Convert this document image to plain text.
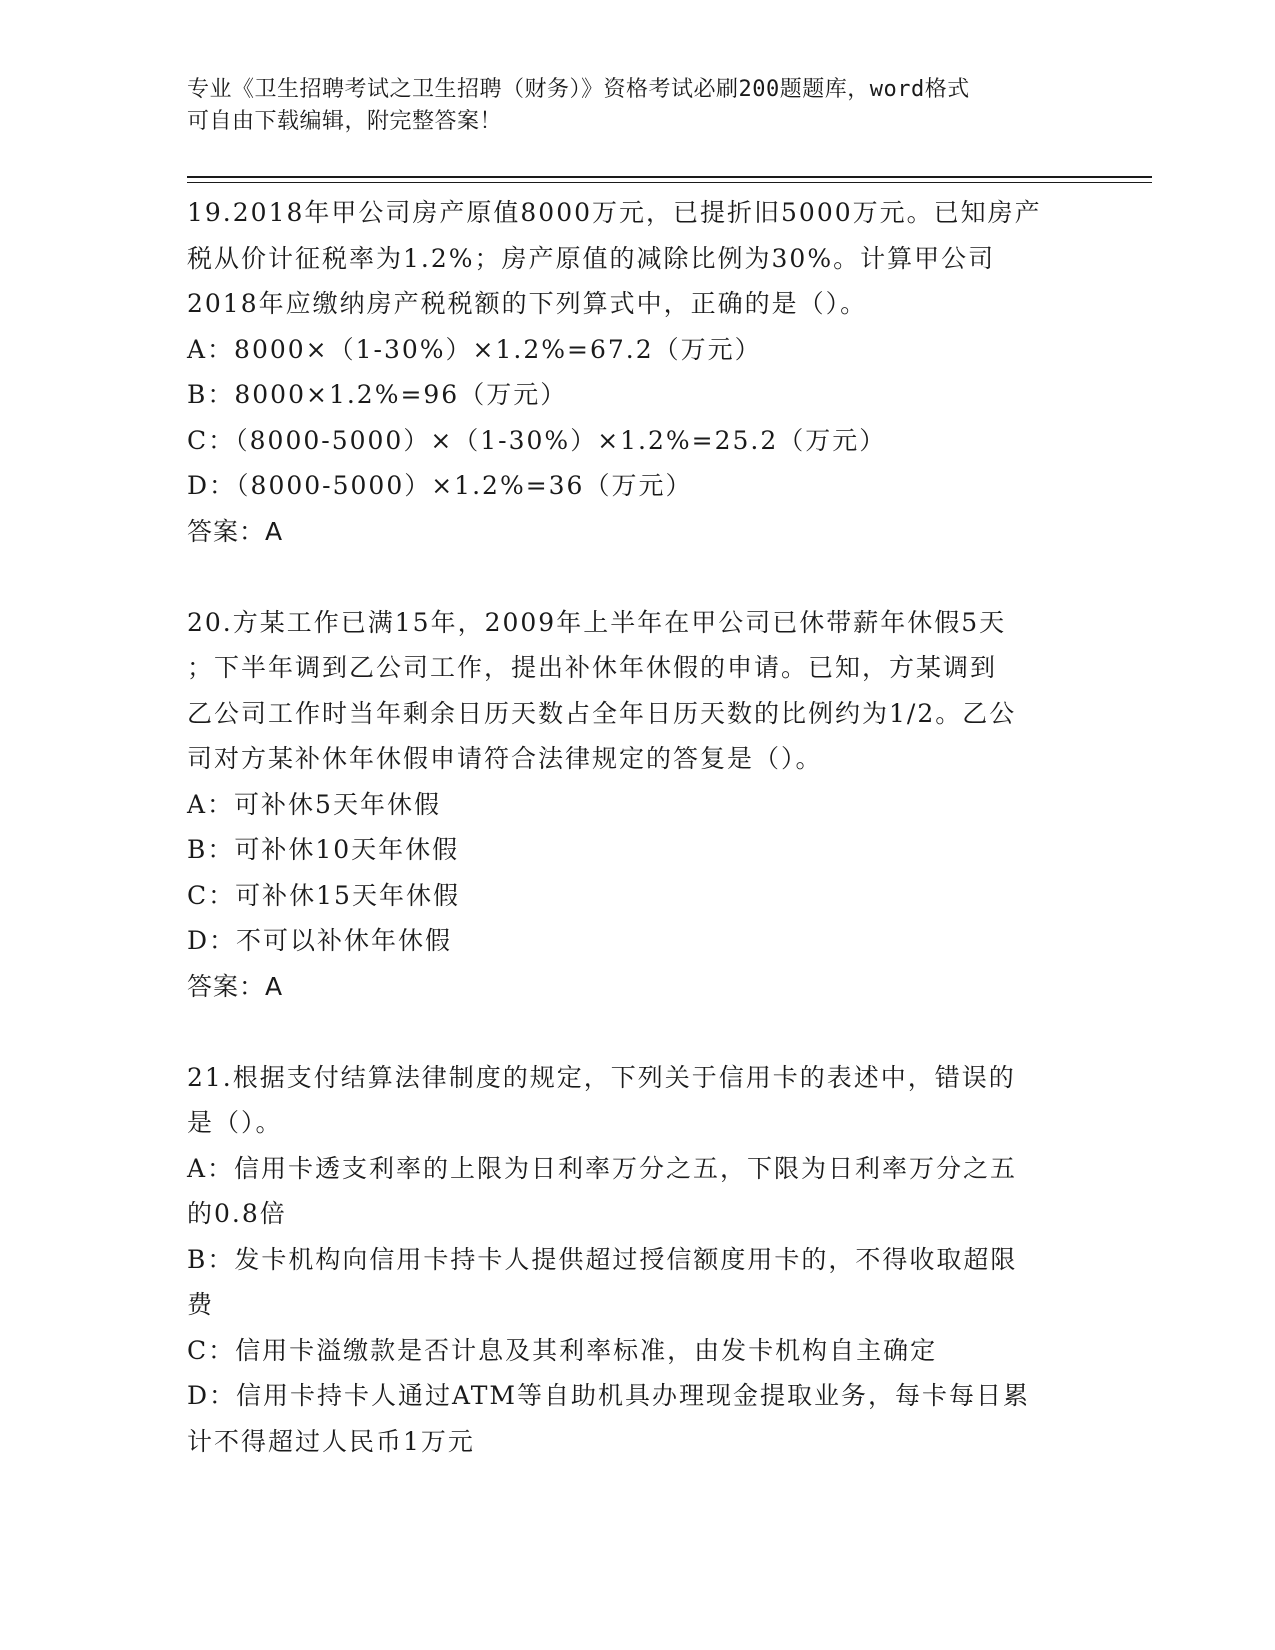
专业《卫生招聘考试之卫生招聘（财务）》资格考试必刷200题题库，word格式
可自由下载编辑，附完整答案！
19.2018年甲公司房产原值8000万元，已提折旧5000万元。已知房产
税从价计征税率为1.2%；房产原值的减除比例为30%。计算甲公司
2018年应缴纳房产税税额的下列算式中，正确的是（）。
A：8000×（1-30%）×1.2%=67.2（万元）
B：8000×1.2%=96（万元）
C：（8000-5000）×（1-30%）×1.2%=25.2（万元）
D：（8000-5000）×1.2%=36（万元）
答案：A
20.方某工作已满15年，2009年上半年在甲公司已休带薪年休假5天
；下半年调到乙公司工作，提出补休年休假的申请。已知，方某调到
乙公司工作时当年剩余日历天数占全年日历天数的比例约为1/2。乙公
司对方某补休年休假申请符合法律规定的答复是（）。
A：可补休5天年休假
B：可补休10天年休假
C：可补休15天年休假
D：不可以补休年休假
答案：A
21.根据支付结算法律制度的规定，下列关于信用卡的表述中，错误的
是（）。
A：信用卡透支利率的上限为日利率万分之五，下限为日利率万分之五
的0.8倍
B：发卡机构向信用卡持卡人提供超过授信额度用卡的，不得收取超限
费
C：信用卡溢缴款是否计息及其利率标准，由发卡机构自主确定
D：信用卡持卡人通过ATM等自助机具办理现金提取业务，每卡每日累
计不得超过人民币1万元
